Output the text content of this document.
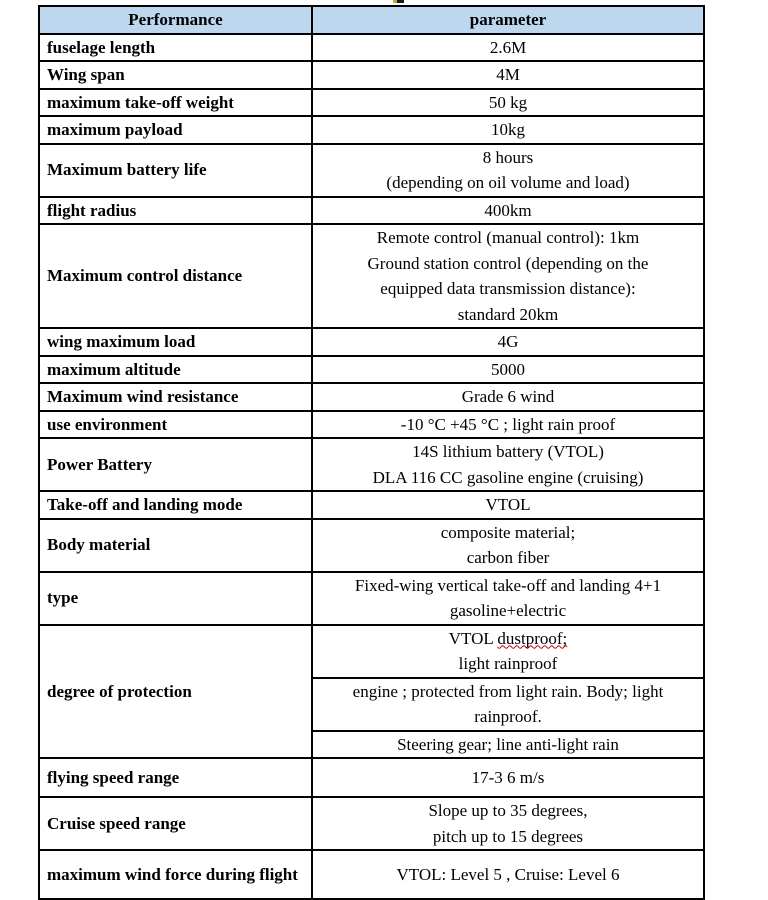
Performance	parameter
fuselage length	2.6M

Wing span	4M

maximum take-off weight	50 kg

maximum payload	10kg

Maximum battery life	8 hours
(depending on oil volume and load)

flight radius	400km

Maximum control distance	Remote control (manual control): 1km
Ground station control (depending on the
equipped data transmission distance):
standard 20km

wing maximum load	4G

maximum altitude	5000

Maximum wind resistance	Grade 6 wind

use environment	-10 °C +45 °C ; light rain proof

Power Battery	14S lithium battery (VTOL)
DLA 116 CC gasoline engine (cruising)

Take-off and landing mode	VTOL

Body material	composite material;
carbon fiber

type	Fixed-wing vertical take-off and landing 4+1
gasoline+electric

degree of protection	VTOL dustproof;
light rainproof

	engine ; protected from light rain. Body; light
rainproof.

	Steering gear; line anti-light rain

flying speed range	17-3 6 m/s

Cruise speed range	Slope up to 35 degrees,
pitch up to 15 degrees

maximum wind force during flight	VTOL: Level 5 , Cruise: Level 6
